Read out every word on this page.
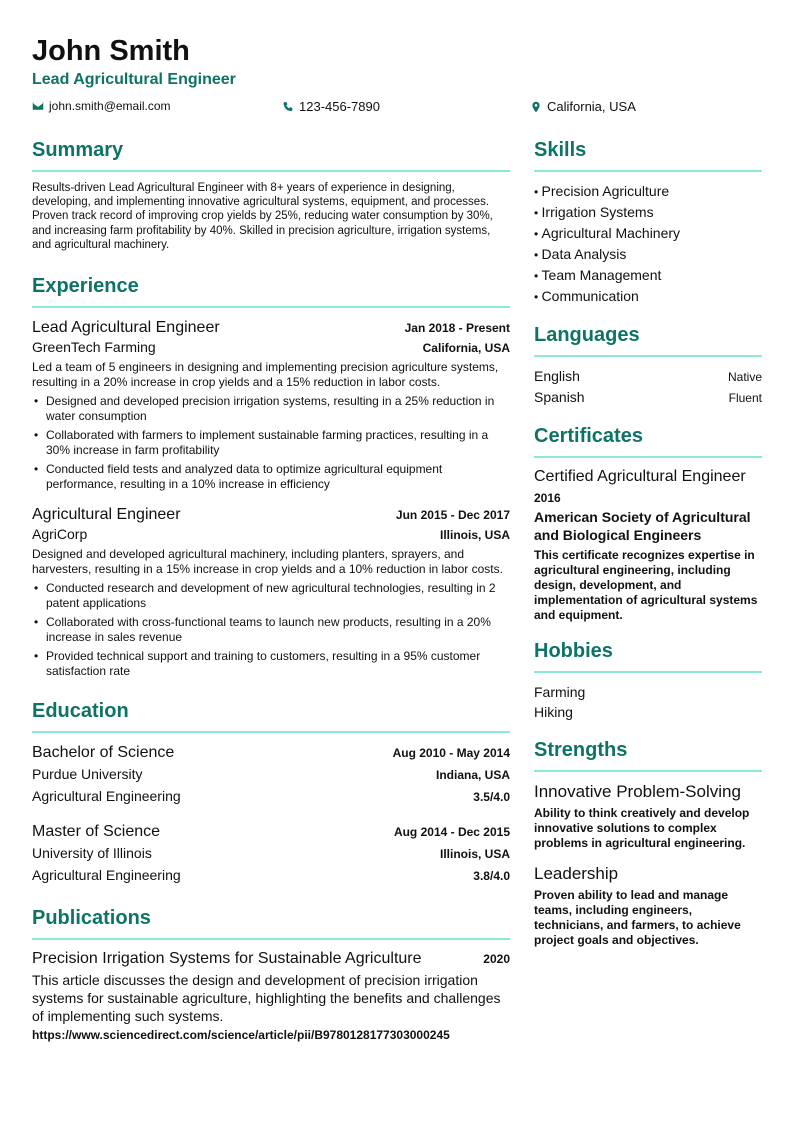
John Smith
Lead Agricultural Engineer
john.smith@email.com	123-456-7890	California, USA
Summary
Results-driven Lead Agricultural Engineer with 8+ years of experience in designing, developing, and implementing innovative agricultural systems, equipment, and processes. Proven track record of improving crop yields by 25%, reducing water consumption by 30%, and increasing farm profitability by 40%. Skilled in precision agriculture, irrigation systems, and agricultural machinery.
Experience
Lead Agricultural Engineer	Jan 2018 - Present
GreenTech Farming	California, USA
Led a team of 5 engineers in designing and implementing precision agriculture systems, resulting in a 20% increase in crop yields and a 15% reduction in labor costs.
• Designed and developed precision irrigation systems, resulting in a 25% reduction in water consumption
• Collaborated with farmers to implement sustainable farming practices, resulting in a 30% increase in farm profitability
• Conducted field tests and analyzed data to optimize agricultural equipment performance, resulting in a 10% increase in efficiency
Agricultural Engineer	Jun 2015 - Dec 2017
AgriCorp	Illinois, USA
Designed and developed agricultural machinery, including planters, sprayers, and harvesters, resulting in a 15% increase in crop yields and a 10% reduction in labor costs.
• Conducted research and development of new agricultural technologies, resulting in 2 patent applications
• Collaborated with cross-functional teams to launch new products, resulting in a 20% increase in sales revenue
• Provided technical support and training to customers, resulting in a 95% customer satisfaction rate
Education
Bachelor of Science	Aug 2010 - May 2014
Purdue University	Indiana, USA
Agricultural Engineering	3.5/4.0
Master of Science	Aug 2014 - Dec 2015
University of Illinois	Illinois, USA
Agricultural Engineering	3.8/4.0
Publications
Precision Irrigation Systems for Sustainable Agriculture	2020
This article discusses the design and development of precision irrigation systems for sustainable agriculture, highlighting the benefits and challenges of implementing such systems.
https://www.sciencedirect.com/science/article/pii/B9780128177303000245
Skills
• Precision Agriculture
• Irrigation Systems
• Agricultural Machinery
• Data Analysis
• Team Management
• Communication
Languages
English	Native
Spanish	Fluent
Certificates
Certified Agricultural Engineer
2016
American Society of Agricultural and Biological Engineers
This certificate recognizes expertise in agricultural engineering, including design, development, and implementation of agricultural systems and equipment.
Hobbies
Farming
Hiking
Strengths
Innovative Problem-Solving
Ability to think creatively and develop innovative solutions to complex problems in agricultural engineering.
Leadership
Proven ability to lead and manage teams, including engineers, technicians, and farmers, to achieve project goals and objectives.
